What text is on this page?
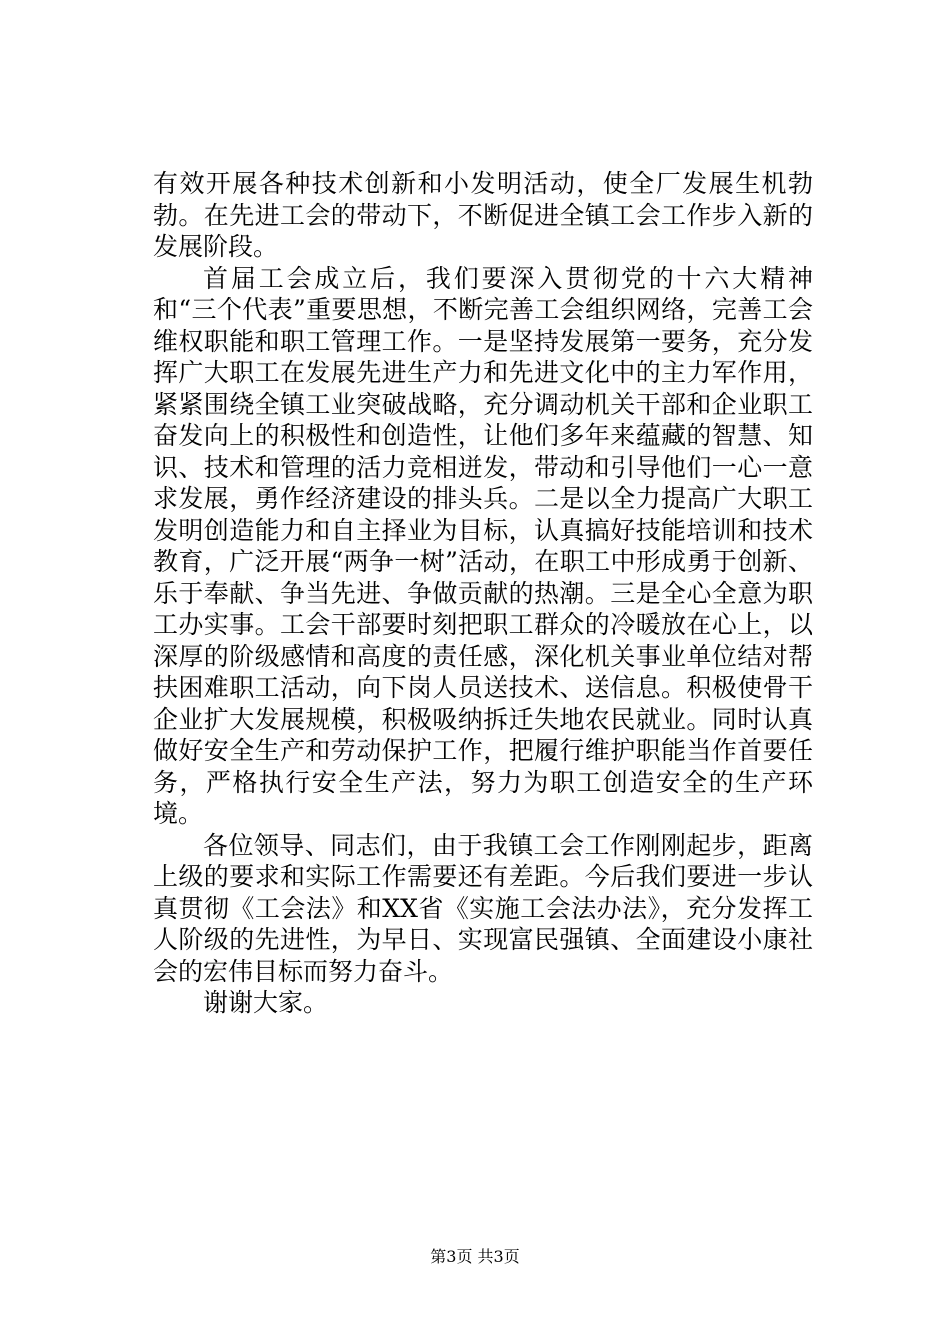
有效开展各种技术创新和小发明活动，使全厂发展生机勃勃。在先进工会的带动下，不断促进全镇工会工作步入新的发展阶段。

首届工会成立后，我们要深入贯彻党的十六大精神和“三个代表”重要思想，不断完善工会组织网络，完善工会维权职能和职工管理工作。一是坚持发展第一要务，充分发挥广大职工在发展先进生产力和先进文化中的主力军作用，紧紧围绕全镇工业突破战略，充分调动机关干部和企业职工奋发向上的积极性和创造性，让他们多年来蕴藏的智慧、知识、技术和管理的活力竞相迸发，带动和引导他们一心一意求发展，勇作经济建设的排头兵。二是以全力提高广大职工发明创造能力和自主择业为目标，认真搞好技能培训和技术教育，广泛开展“两争一树”活动，在职工中形成勇于创新、乐于奉献、争当先进、争做贡献的热潮。三是全心全意为职工办实事。工会干部要时刻把职工群众的冷暖放在心上，以深厚的阶级感情和高度的责任感，深化机关事业单位结对帮扶困难职工活动，向下岗人员送技术、送信息。积极使骨干企业扩大发展规模，积极吸纳拆迁失地农民就业。同时认真做好安全生产和劳动保护工作，把履行维护职能当作首要任务，严格执行安全生产法，努力为职工创造安全的生产环境。

各位领导、同志们，由于我镇工会工作刚刚起步，距离上级的要求和实际工作需要还有差距。今后我们要进一步认真贯彻《工会法》和XX省《实施工会法办法》，充分发挥工人阶级的先进性，为早日、实现富民强镇、全面建设小康社会的宏伟目标而努力奋斗。

谢谢大家。

第3页 共3页
